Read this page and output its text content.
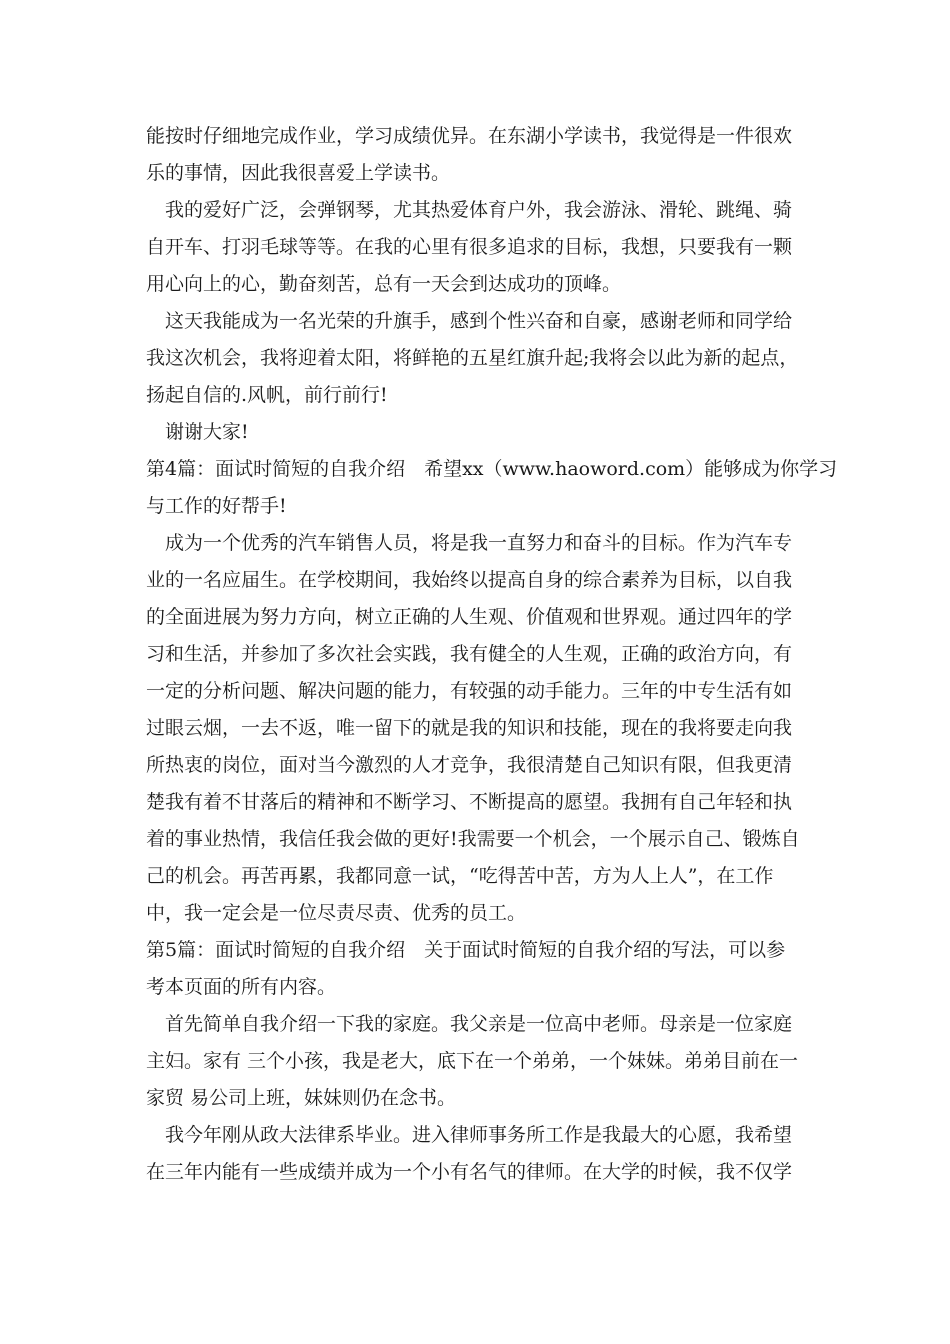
能按时仔细地完成作业，学习成绩优异。在东湖小学读书，我觉得是一件很欢
乐的事情，因此我很喜爱上学读书。
我的爱好广泛，会弹钢琴，尤其热爱体育户外，我会游泳、滑轮、跳绳、骑
自开车、打羽毛球等等。在我的心里有很多追求的目标，我想，只要我有一颗
用心向上的心，勤奋刻苦，总有一天会到达成功的顶峰。
这天我能成为一名光荣的升旗手，感到个性兴奋和自豪，感谢老师和同学给
我这次机会，我将迎着太阳，将鲜艳的五星红旗升起;我将会以此为新的起点，
扬起自信的.风帆，前行前行!
谢谢大家!
第4篇：面试时简短的自我介绍　希望xx（www.haoword.com）能够成为你学习
与工作的好帮手!
成为一个优秀的汽车销售人员，将是我一直努力和奋斗的目标。作为汽车专
业的一名应届生。在学校期间，我始终以提高自身的综合素养为目标，以自我
的全面进展为努力方向，树立正确的人生观、价值观和世界观。通过四年的学
习和生活，并参加了多次社会实践，我有健全的人生观，正确的政治方向，有
一定的分析问题、解决问题的能力，有较强的动手能力。三年的中专生活有如
过眼云烟，一去不返，唯一留下的就是我的知识和技能，现在的我将要走向我
所热衷的岗位，面对当今激烈的人才竞争，我很清楚自己知识有限，但我更清
楚我有着不甘落后的精神和不断学习、不断提高的愿望。我拥有自己年轻和执
着的事业热情，我信任我会做的更好!我需要一个机会，一个展示自己、锻炼自
己的机会。再苦再累，我都同意一试，“吃得苦中苦，方为人上人”，在工作
中，我一定会是一位尽责尽责、优秀的员工。
第5篇：面试时简短的自我介绍　关于面试时简短的自我介绍的写法，可以参
考本页面的所有内容。
首先简单自我介绍一下我的家庭。我父亲是一位高中老师。母亲是一位家庭
主妇。家有 三个小孩，我是老大，底下在一个弟弟，一个妹妹。弟弟目前在一
家贸 易公司上班，妹妹则仍在念书。
我今年刚从政大法律系毕业。进入律师事务所工作是我最大的心愿，我希望
在三年内能有一些成绩并成为一个小有名气的律师。在大学的时候，我不仅学
